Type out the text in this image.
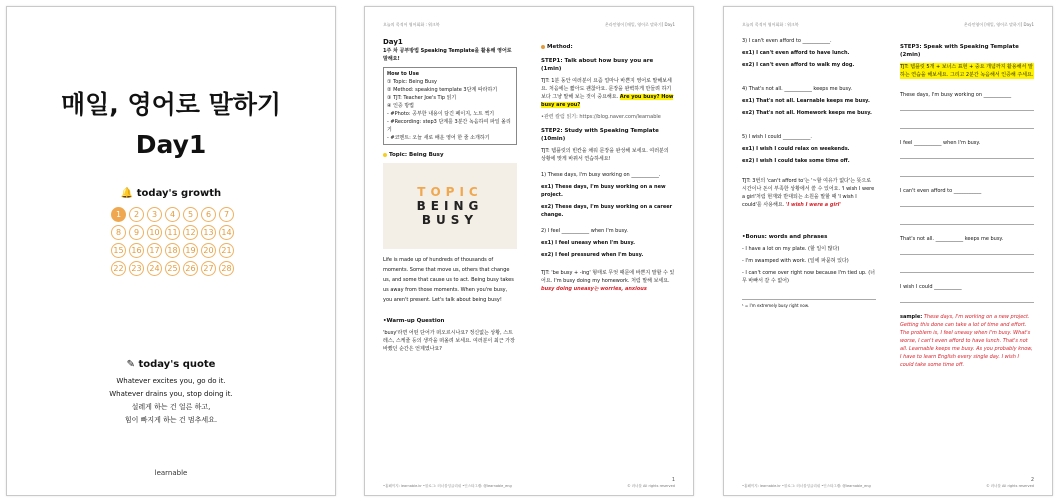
매일, 영어로 말하기
Day1
🔔 today's growth
1	2	3	4	5	6	7
8	9	10 11 12 13 14
15 16 17 18 19 20 21
22 23 24 25 26 27 28
✎ today's quote
Whatever excites you, go do it.
Whatever drains you, stop doing it.
설레게 하는 건 얼른 하고,
힘이 빠지게 하는 건 멈추세요.
learnable
오늘의 목적어 영어회화 : 워크북	온라인영어 [매일, 영어로 말하기] Day1
Day1

1주 차 공부방법 Speaking Template을 활용해 영어로 말해요!

How to Use
① Topic: Being Busy
② Method: speaking template 3단계 따라하기
③ TJT: Teacher Joe's Tip 읽기
④ 인증 방법
- #Photo: 공부한 내용이 담긴 페이지, 노트 찍기
- #Recording: step3 단계를 3분간 녹음하여 파일 올리기
- #코멘트: 오늘 새로 배운 영어 한 줄 소개하기
Topic: Being Busy
TOPIC
BEING
BUSY

Life is made up of hundreds of thousands of moments. Some that move us, others that change us, and some that cause us to act. Being busy takes us away from those moments. When you're busy, you aren't present. Let's talk about being busy!

•Warm-up Question

'busy'라면 어떤 단어가 떠오르시나요? 정신없는 상황, 스트레스, 스케줄 등의 생각을 떠올려 보세요. 여러분이 최근 가장 바빴던 순간은 언제였나요?

Method:
STEP1: Talk about how busy you are (1min)

TJT: 1분 동안 여러분이 요즘 얼마나 바쁜지 영어로 말해보세요. 처음에는 짧아도 괜찮아요. 문장을 완벽하게 만들려 하기보다 그냥 말해 보는 것이 중요해요. Are you busy? How busy are you?

•관련 칼럼 읽기: https://blog.naver.com/learnable

STEP2: Study with Speaking Template (10min)

TJT: 템플릿의 빈칸을 채워 문장을 완성해 보세요. 여러분의 상황에 맞게 바꿔서 연습하세요!

1) These days, I'm busy working on ___________.

ex1) These days, I'm busy working on a new project.

ex2) These days, I'm busy working on a career change.

2) I feel ___________ when I'm busy.

ex1) I feel uneasy when I'm busy.

ex2) I feel pressured when I'm busy.

TJT: 'be busy + -ing' 형태로 무엇 때문에 바쁜지 말할 수 있어요. I'm busy doing my homework. 처럼 말해 보세요. busy doing uneasy는 worries, anxious

•홈페이지: learnable.kr •블로그: 러너블잉글리쉬 •인스타그램: @learnable_eng
1
© 러너블 All rights reserved
오늘의 목적어 영어회화 : 워크북	온라인영어 [매일, 영어로 말하기] Day1

3) I can't even afford to ___________.

ex1) I can't even afford to have lunch.

ex2) I can't even afford to walk my dog.

4) That's not all. ___________ keeps me busy.

ex1) That's not all. Learnable keeps me busy.

ex2) That's not all. Homework keeps me busy.

5) I wish I could ___________.

ex1) I wish I could relax on weekends.

ex2) I wish I could take some time off.

TJT: 3번의 'can't afford to'는 '~할 여유가 없다'는 뜻으로 시간이나 돈이 부족한 상황에서 쓸 수 있어요. 'I wish I were a girl'처럼 현재와 반대되는 소원을 말할 때 'I wish I could'를 사용해요. 'I wish I were a girl'

•Bonus: words and phrases

- I have a lot on my plate. (할 일이 많다)

- I'm swamped with work. (일에 파묻혀 있다)

- I can't come over right now because I'm tied up. (너무 바빠서 갈 수 없어)

¹ = I'm extremely busy right now.

STEP3: Speak with Speaking Template (2min)

TJT: 템플릿 5개 + 보너스 표현 + 중요 개념까지 활용해서 말하는 연습을 해보세요. 그리고 2분간 녹음해서 인증해 주세요.

These days, I'm busy working on ___________

I feel ___________ when I'm busy.

I can't even afford to ___________

That's not all. ___________ keeps me busy.

I wish I could ___________

sample: These days, I'm working on a new project. Getting this done can take a lot of time and effort. The problem is, I feel uneasy when I'm busy. What's worse, I can't even afford to have lunch. That's not all. Learnable keeps me busy. As you probably know, I have to learn English every single day. I wish I could take some time off.

•홈페이지: learnable.kr •블로그: 러너블잉글리쉬 •인스타그램: @learnable_eng
2
© 러너블 All rights reserved
